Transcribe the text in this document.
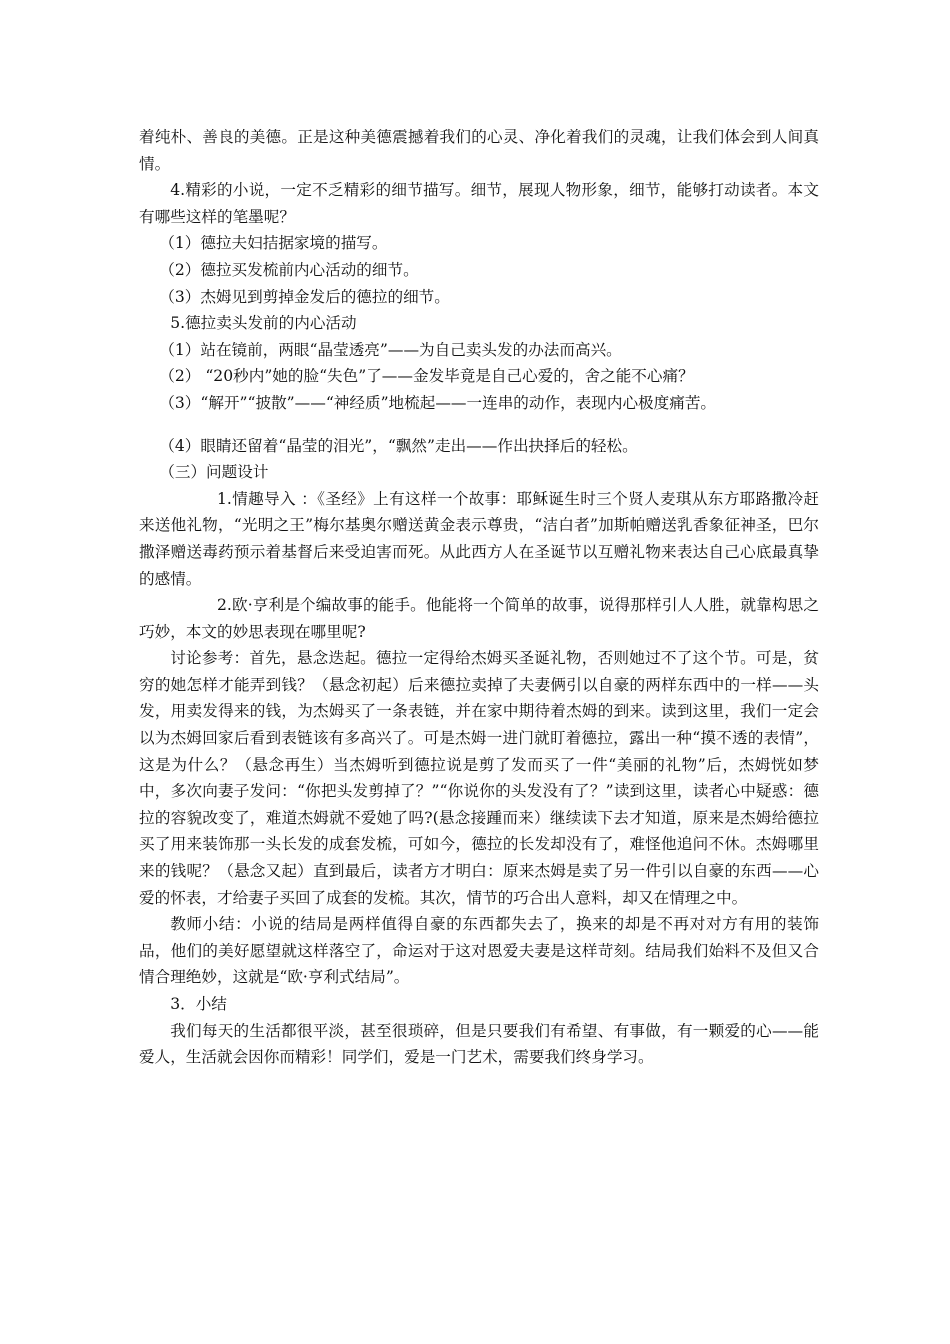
着纯朴、善良的美德。正是这种美德震撼着我们的心灵、净化着我们的灵魂，让我们体会到人间真情。

4.精彩的小说，一定不乏精彩的细节描写。细节，展现人物形象，细节，能够打动读者。本文有哪些这样的笔墨呢？

（1）德拉夫妇拮据家境的描写。

（2）德拉买发梳前内心活动的细节。

（3）杰姆见到剪掉金发后的德拉的细节。

5.德拉卖头发前的内心活动

（1）站在镜前，两眼“晶莹透亮”——为自己卖头发的办法而高兴。

（2） “20秒内”她的脸“失色”了——金发毕竟是自己心爱的，舍之能不心痛？

（3）“解开”“披散”——“神经质”地梳起——一连串的动作，表现内心极度痛苦。

（4）眼睛还留着“晶莹的泪光”，“飘然”走出——作出抉择后的轻松。

（三）问题设计

1.情趣导入 ：《圣经》上有这样一个故事：耶稣诞生时三个贤人麦琪从东方耶路撒冷赶来送他礼物，“光明之王”梅尔基奥尔赠送黄金表示尊贵，“洁白者”加斯帕赠送乳香象征神圣，巴尔撒泽赠送毒药预示着基督后来受迫害而死。从此西方人在圣诞节以互赠礼物来表达自己心底最真挚的感情。

2.欧·亨利是个编故事的能手。他能将一个简单的故事，说得那样引人人胜，就靠构思之巧妙，本文的妙思表现在哪里呢?

讨论参考：首先，悬念迭起。德拉一定得给杰姆买圣诞礼物，否则她过不了这个节。可是，贫穷的她怎样才能弄到钱？（悬念初起）后来德拉卖掉了夫妻俩引以自豪的两样东西中的一样——头发，用卖发得来的钱，为杰姆买了一条表链，并在家中期待着杰姆的到来。读到这里，我们一定会以为杰姆回家后看到表链该有多高兴了。可是杰姆一进门就盯着德拉，露出一种“摸不透的表情”，这是为什么？（悬念再生）当杰姆听到德拉说是剪了发而买了一件“美丽的礼物”后，杰姆恍如梦中，多次向妻子发问：“你把头发剪掉了？”“你说你的头发没有了？”读到这里，读者心中疑惑：德拉的容貌改变了，难道杰姆就不爱她了吗?(悬念接踵而来）继续读下去才知道，原来是杰姆给德拉买了用来装饰那一头长发的成套发梳，可如今，德拉的长发却没有了，难怪他追问不休。杰姆哪里来的钱呢？（悬念又起）直到最后，读者方才明白：原来杰姆是卖了另一件引以自豪的东西——心爱的怀表，才给妻子买回了成套的发梳。其次，情节的巧合出人意料，却又在情理之中。

教师小结：小说的结局是两样值得自豪的东西都失去了，换来的却是不再对对方有用的装饰品，他们的美好愿望就这样落空了，命运对于这对恩爱夫妻是这样苛刻。结局我们始料不及但又合情合理绝妙，这就是“欧·亨利式结局”。

3．小结

我们每天的生活都很平淡，甚至很琐碎，但是只要我们有希望、有事做，有一颗爱的心——能爱人，生活就会因你而精彩！同学们，爱是一门艺术，需要我们终身学习。
